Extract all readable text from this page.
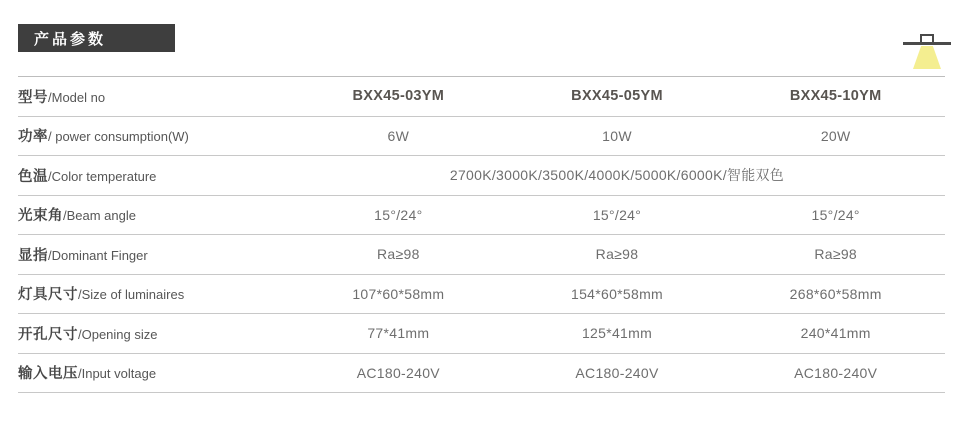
产品参数
型号 /Model no	BXX45-03YM	BXX45-05YM	BXX45-10YM
功率 / power consumption(W)	6W	10W	20W
色温 /Color temperature	2700K/3000K/3500K/4000K/5000K/6000K/智能双色
光束角 /Beam angle	15°/24°	15°/24°	15°/24°
显指 /Dominant Finger	Ra≥98	Ra≥98	Ra≥98
灯具尺寸 /Size of luminaires	107*60*58mm	154*60*58mm	268*60*58mm
开孔尺寸 /Opening size	77*41mm	125*41mm	240*41mm
输入电压 /Input voltage	AC180-240V	AC180-240V	AC180-240V
